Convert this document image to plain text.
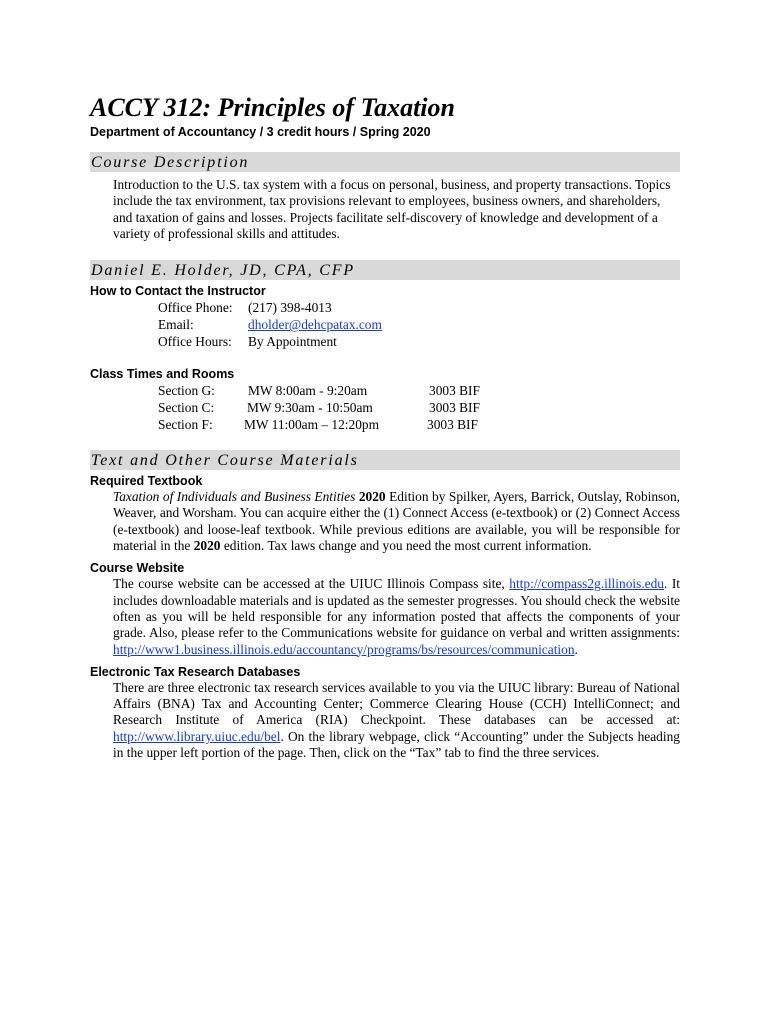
ACCY 312: Principles of Taxation

Department of Accountancy / 3 credit hours / Spring 2020

Course Description

Introduction to the U.S. tax system with a focus on personal, business, and property transactions. Topics include the tax environment, tax provisions relevant to employees, business owners, and shareholders, and taxation of gains and losses. Projects facilitate self-discovery of knowledge and development of a variety of professional skills and attitudes.

Daniel E. Holder, JD, CPA, CFP

How to Contact the Instructor

Office Phone:	(217) 398-4013
Email:	dholder@dehcpatax.com
Office Hours:	By Appointment

Class Times and Rooms

Section G: MW 8:00am - 9:20am	3003 BIF
Section C: MW 9:30am - 10:50am	3003 BIF
Section F: MW 11:00am – 12:20pm	3003 BIF
Text and Other Course Materials

Required Textbook

Taxation of Individuals and Business Entities 2020 Edition by Spilker, Ayers, Barrick, Outslay, Robinson, Weaver, and Worsham. You can acquire either the (1) Connect Access (e-textbook) or (2) Connect Access (e-textbook) and loose-leaf textbook. While previous editions are available, you will be responsible for material in the 2020 edition. Tax laws change and you need the most current information.

Course Website

The course website can be accessed at the UIUC Illinois Compass site, http://compass2g.illinois.edu. It includes downloadable materials and is updated as the semester progresses. You should check the website often as you will be held responsible for any information posted that affects the components of your grade. Also, please refer to the Communications website for guidance on verbal and written assignments: http://www1.business.illinois.edu/accountancy/programs/bs/resources/communication.

Electronic Tax Research Databases

There are three electronic tax research services available to you via the UIUC library: Bureau of National Affairs (BNA) Tax and Accounting Center; Commerce Clearing House (CCH) IntelliConnect; and Research Institute of America (RIA) Checkpoint. These databases can be accessed at: http://www.library.uiuc.edu/bel. On the library webpage, click “Accounting” under the Subjects heading in the upper left portion of the page. Then, click on the “Tax” tab to find the three services.
